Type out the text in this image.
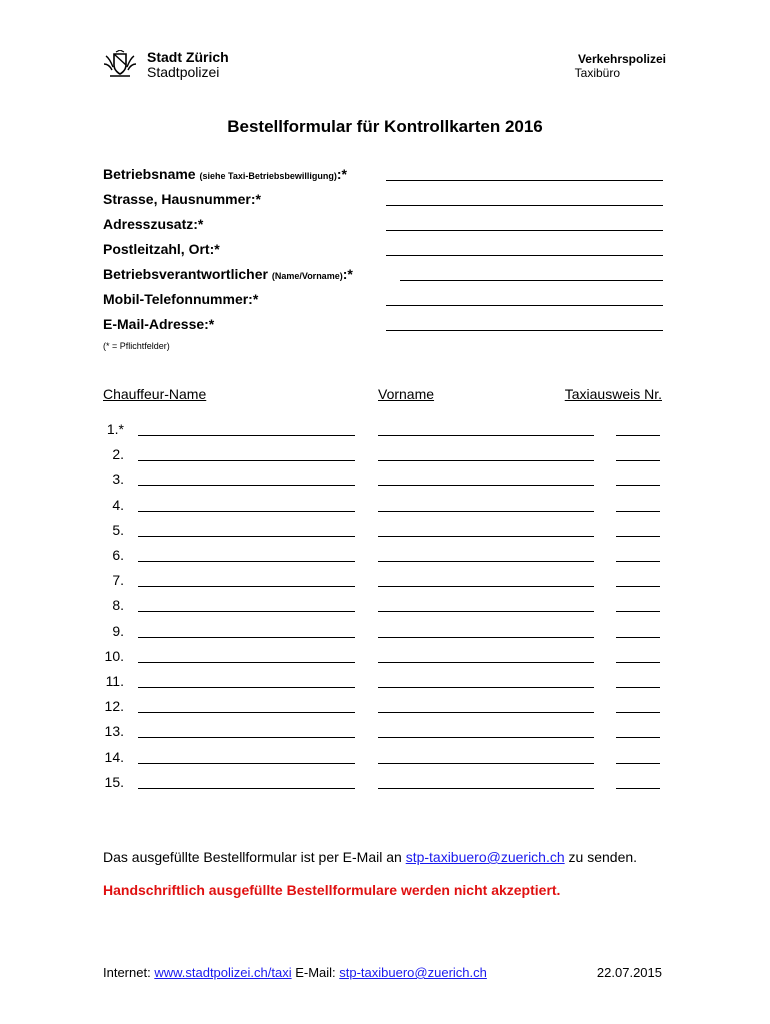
Stadt Zürich
Stadtpolizei
Verkehrspolizei
Taxibüro
Bestellformular für Kontrollkarten 2016
Betriebsname (siehe Taxi-Betriebsbewilligung):*
Strasse, Hausnummer:*
Adresszusatz:*
Postleitzahl, Ort:*
Betriebsverantwortlicher (Name/Vorname):*
Mobil-Telefonnummer:*
E-Mail-Adresse:*
(* = Pflichtfelder)
Chauffeur-Name	Vorname	Taxiausweis Nr.
1.*
2.
3.
4.
5.
6.
7.
8.
9.
10.
11.
12.
13.
14.
15.
Das ausgefüllte Bestellformular ist per E-Mail an stp-taxibuero@zuerich.ch zu senden.
Handschriftlich ausgefüllte Bestellformulare werden nicht akzeptiert.
Internet: www.stadtpolizei.ch/taxi E-Mail: stp-taxibuero@zuerich.ch	22.07.2015
